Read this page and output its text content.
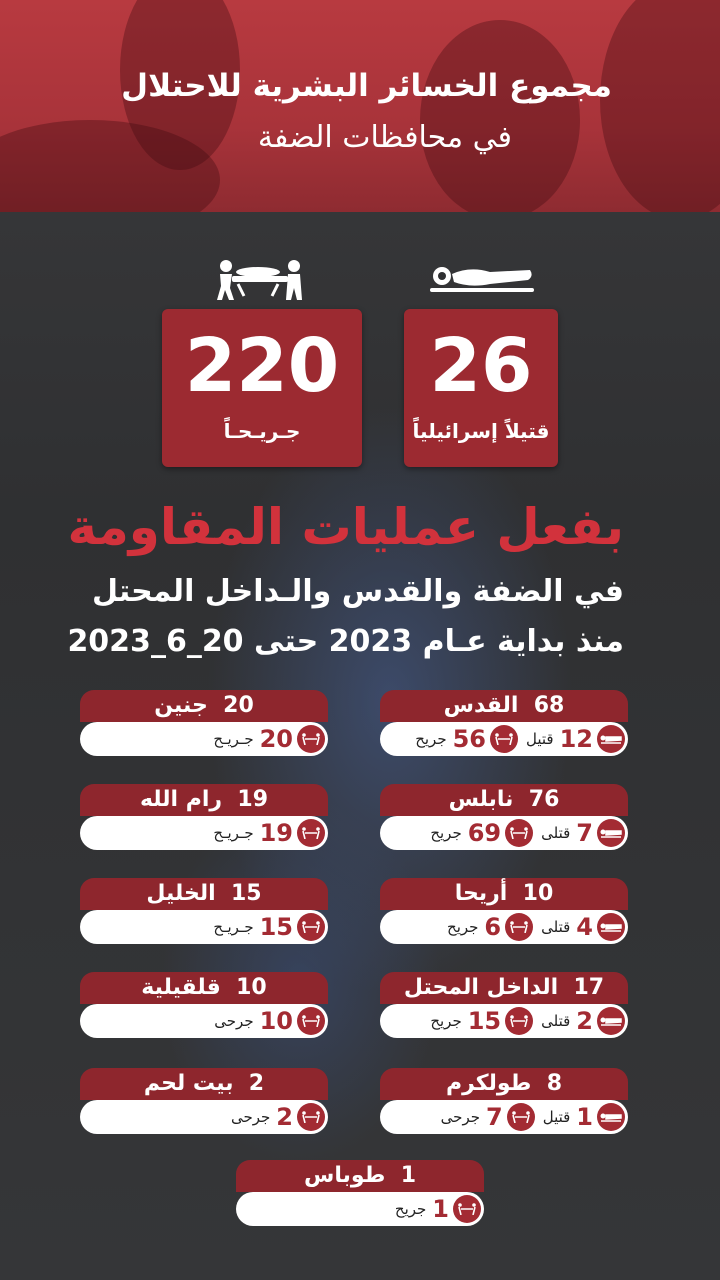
مجموع الخسائر البشرية للاحتلال
في محافظات الضفة
220
جـريـحـاً
26
قتيلاً إسرائيلياً
بفعل عمليات المقاومة
في الضفة والقدس والـداخل المحتل
منذ بداية عـام 2023 حتى 20_6_2023
68  القدس
12
قتيل
56
جريح
76  نابلس
7
قتلى
69
جريح
10  أريحا
4
قتلى
6
جريح
17  الداخل المحتل
2
قتلى
15
جريح
8  طولكرم
1
قتيل
7
جرحى
20  جنين
20
جـريـح
19  رام الله
19
جـريـح
15  الخليل
15
جـريـح
10  قلقيلية
10
جرحى
2  بيت لحم
2
جرحى
1  طوباس
1
جريح
